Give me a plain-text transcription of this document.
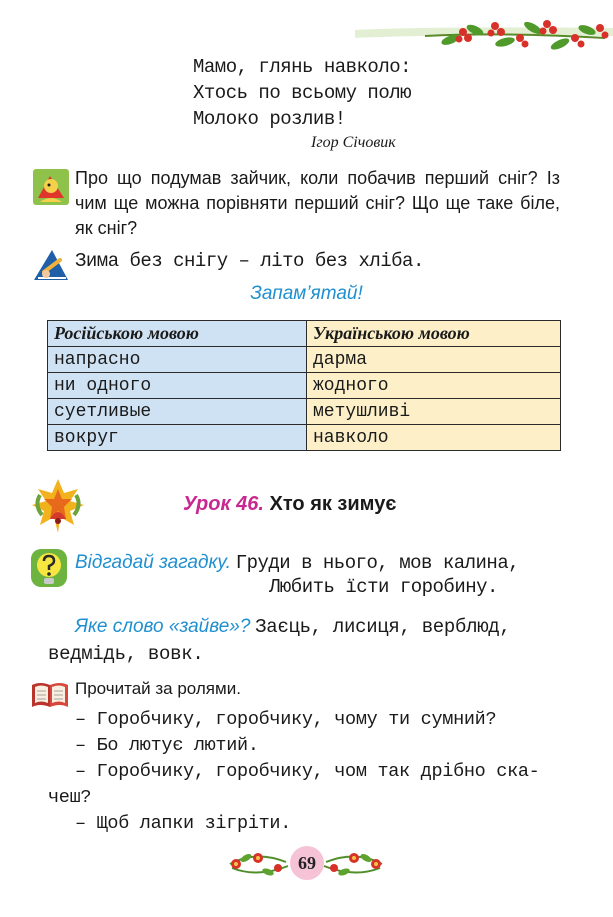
Мамо, глянь навколо:
Хтось по всьому полю
Молоко розлив!
Ігор Січовик
Про що подумав зайчик, коли побачив перший сніг? Із чим ще можна порівняти перший сніг? Що ще таке біле, як сніг?
Зима без снігу – літо без хліба.
Запам’ятай!
Російською мовою	Українською мовою
напрасно	дарма
ни одного	жодного
суетливые	метушливі
вокруг	навколо
Урок 46. Хто як зимує
Відгадай загадку. Груди в нього, мов калина,
Любить їсти горобину.
Яке слово «зайве»? Заєць, лисиця, верблюд,
ведмідь, вовк.
Прочитай за ролями.
– Горобчику, горобчику, чому ти сумний?
– Бо лютує лютий.
– Горобчику, горобчику, чом так дрібно ска-
чеш?
– Щоб лапки зігріти.
69
